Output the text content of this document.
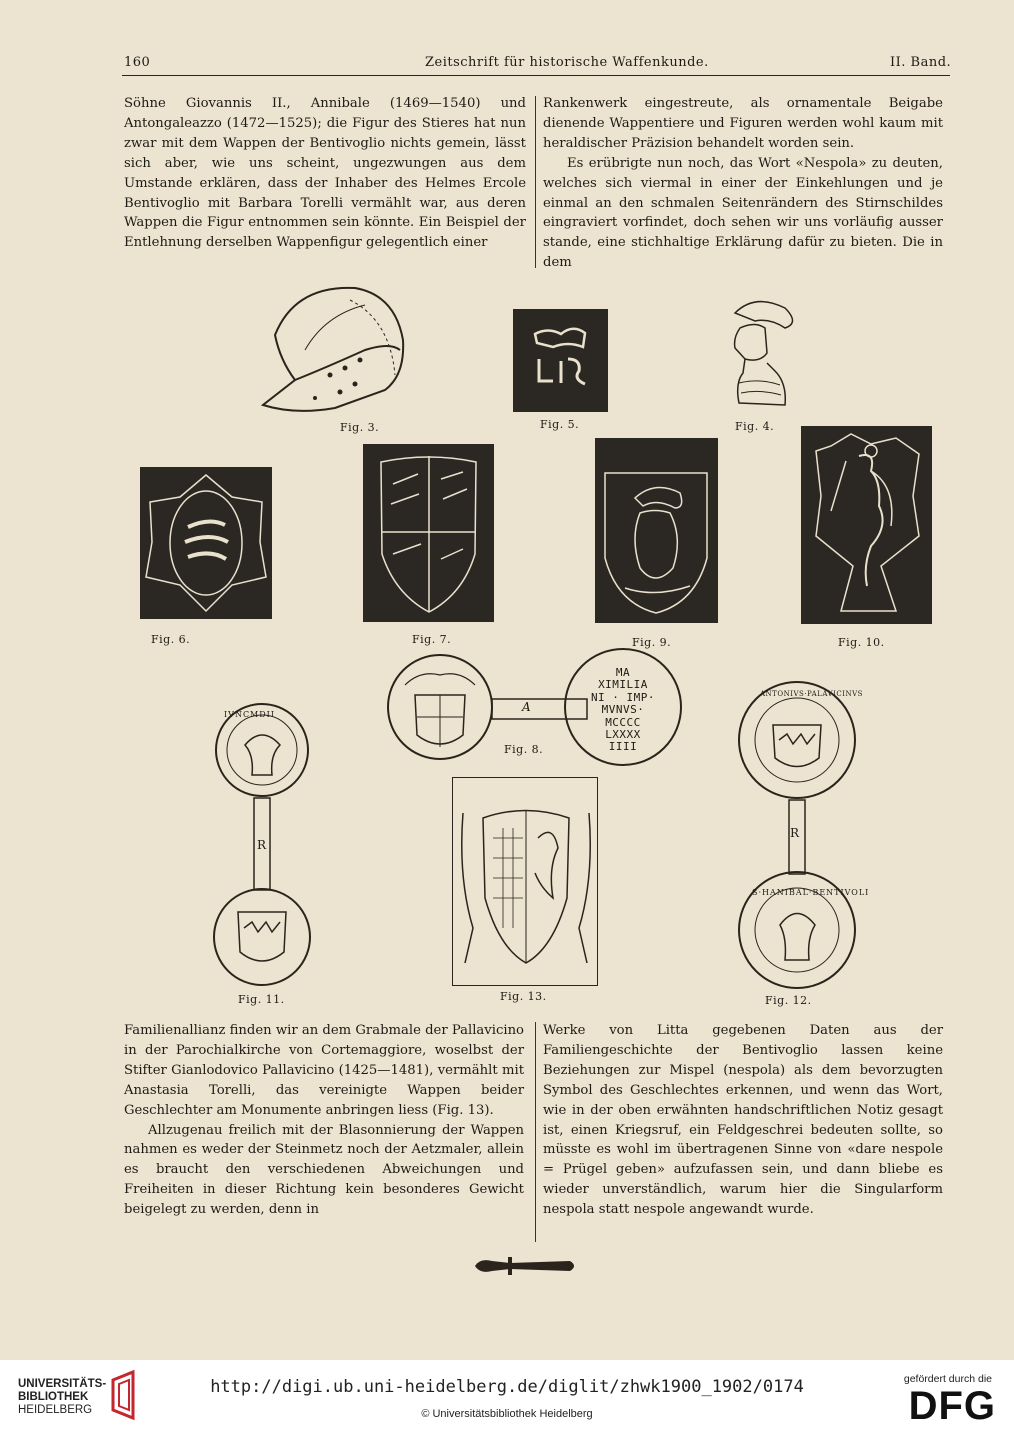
160	Zeitschrift für historische Waffenkunde.	II. Band.

Söhne Giovannis II., Annibale (1469—1540) und Antongaleazzo (1472—1525); die Figur des Stieres hat nun zwar mit dem Wappen der Bentivoglio nichts gemein, lässt sich aber, wie uns scheint, ungezwungen aus dem Umstande erklären, dass der Inhaber des Helmes Ercole Bentivoglio mit Barbara Torelli vermählt war, aus deren Wappen die Figur entnommen sein könnte. Ein Beispiel der Entlehnung derselben Wappenfigur gelegentlich einer

Rankenwerk eingestreute, als ornamentale Beigabe dienende Wappentiere und Figuren werden wohl kaum mit heraldischer Präzision behandelt worden sein.

Es erübrigte nun noch, das Wort «Nespola» zu deuten, welches sich viermal in einer der Einkehlungen und je einmal an den schmalen Seitenrändern des Stirnschildes eingraviert vorfindet, doch sehen wir uns vorläufig ausser stande, eine stichhaltige Erklärung dafür zu bieten. Die in dem

Fig. 3.	Fig. 5.	Fig. 4.
Fig. 6.	Fig. 7.	Fig. 9.	Fig. 10.
A
MA
XIMILIA
NI · IMP·
MVNVS·
MCCCC
LXXXX
IIII
Fig. 8.
IVNCMDII
R
Fig. 11.	Fig. 13.
ANTONIVS·PALAVICINVS
R
S·HANIBAL·BENTIVOLI
Fig. 12.

Familienallianz finden wir an dem Grabmale der Pallavicino in der Parochialkirche von Cortemaggiore, woselbst der Stifter Gianlodovico Pallavicino (1425—1481), vermählt mit Anastasia Torelli, das vereinigte Wappen beider Geschlechter am Monumente anbringen liess (Fig. 13).

Allzugenau freilich mit der Blasonnierung der Wappen nahmen es weder der Steinmetz noch der Aetzmaler, allein es braucht den verschiedenen Abweichungen und Freiheiten in dieser Richtung kein besonderes Gewicht beigelegt zu werden, denn in

Werke von Litta gegebenen Daten aus der Familiengeschichte der Bentivoglio lassen keine Beziehungen zur Mispel (nespola) als dem bevorzugten Symbol des Geschlechtes erkennen, und wenn das Wort, wie in der oben erwähnten handschriftlichen Notiz gesagt ist, einen Kriegsruf, ein Feldgeschrei bedeuten sollte, so müsste es wohl im übertragenen Sinne von «dare nespole = Prügel geben» aufzufassen sein, und dann bliebe es wieder unverständlich, warum hier die Singularform nespola statt nespole angewandt wurde.

UNIVERSITÄTS-
BIBLIOTHEK
HEIDELBERG
http://digi.ub.uni-heidelberg.de/diglit/zhwk1900_1902/0174
© Universitätsbibliothek Heidelberg
gefördert durch die
DFG
